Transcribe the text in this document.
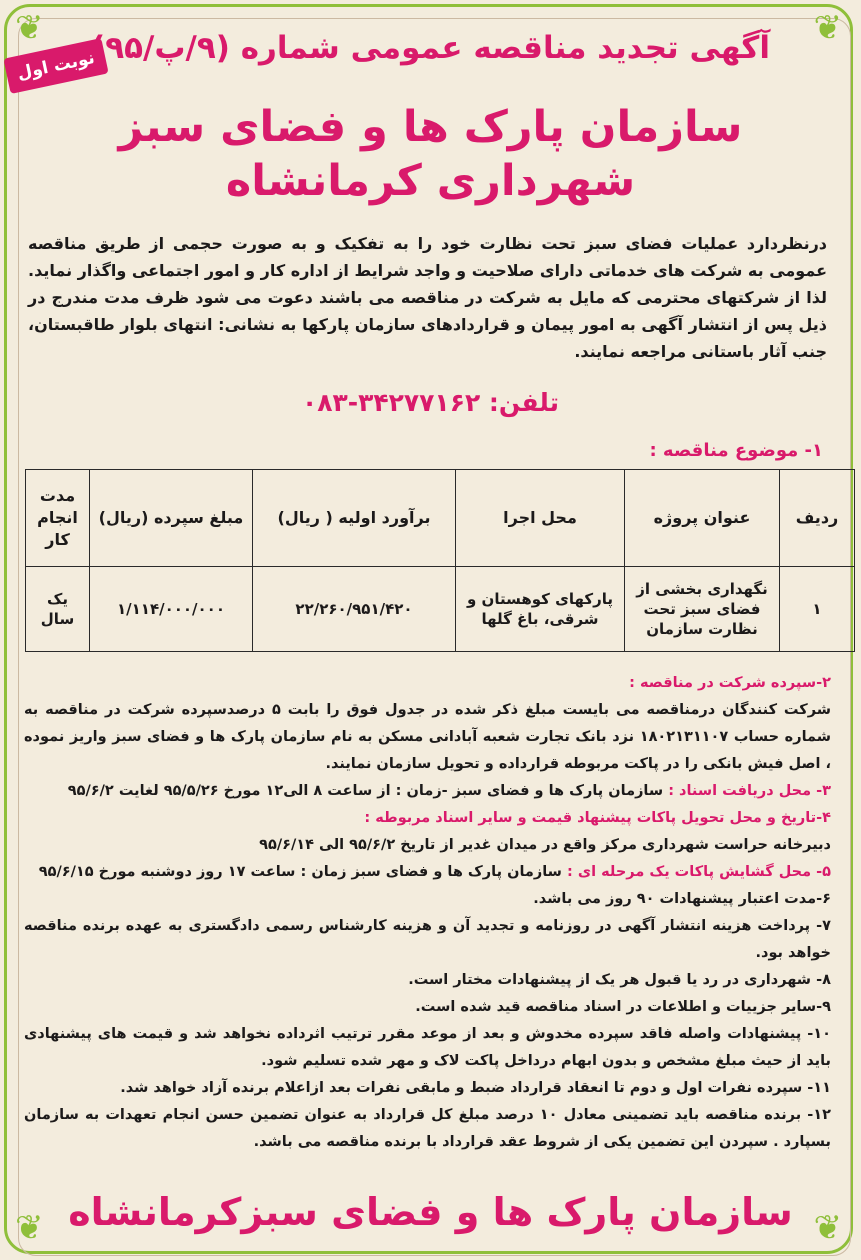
❦	❦
❦	❦
نوبت اول
آگهی تجدید مناقصه عمومی شماره (۹/پ/۹۵)
سازمان پارک ها و فضای سبز شهرداری کرمانشاه
درنظردارد عملیات فضای سبز تحت نظارت خود را به تفکیک و به صورت حجمی از طریق مناقصه عمومی به شرکت های خدماتی دارای صلاحیت و واجد شرایط از اداره کار و امور اجتماعی واگذار نماید. لذا از شرکتهای محترمی که مایل به شرکت در مناقصه می باشند دعوت می شود ظرف مدت مندرج در ذیل پس از انتشار آگهی به امور پیمان و قراردادهای سازمان پارکها به نشانی: انتهای بلوار طاقبستان، جنب آثار باستانی مراجعه نمایند.
تلفن: ۳۴۲۷۷۱۶۲-۰۸۳
۱- موضوع مناقصه :
ردیف	عنوان پروژه	محل اجرا	برآورد اولیه ( ریال)	مبلغ سپرده (ریال)	مدت انجام کار
۱	نگهداری بخشی از فضای سبز تحت نظارت سازمان	پارکهای کوهستان و شرقی، باغ گلها	۲۲/۲۶۰/۹۵۱/۴۲۰	۱/۱۱۴/۰۰۰/۰۰۰	یک سال

۲-سپرده شرکت در مناقصه :

شرکت کنندگان درمناقصه می بایست مبلغ ذکر شده در جدول فوق را بابت ۵ درصدسپرده شرکت در مناقصه به شماره حساب ۱۸۰۲۱۳۱۱۰۷ نزد بانک تجارت شعبه آبادانی مسکن به نام سازمان پارک ها و فضای سبز واریز نموده ، اصل فیش بانکی را در پاکت مربوطه قرارداده و تحویل سازمان نمایند.

۳- محل دریافت اسناد : سازمان پارک ها و فضای سبز -زمان : از ساعت ۸ الی۱۲ مورخ ۹۵/۵/۲۶ لغایت ۹۵/۶/۲

۴-تاریخ و محل تحویل پاکات پیشنهاد قیمت و سایر اسناد مربوطه :

دبیرخانه حراست شهرداری مرکز واقع در میدان غدیر از تاریخ ۹۵/۶/۲ الی ۹۵/۶/۱۴

۵- محل گشایش پاکات یک مرحله ای : سازمان پارک ها و فضای سبز زمان : ساعت ۱۷ روز دوشنبه مورخ ۹۵/۶/۱۵

۶-مدت اعتبار پیشنهادات ۹۰ روز می باشد.

۷- پرداخت هزینه انتشار آگهی در روزنامه و تجدید آن و هزینه کارشناس رسمی دادگستری به عهده برنده مناقصه خواهد بود.

۸- شهرداری در رد یا قبول هر یک از پیشنهادات مختار است.

۹-سایر جزییات و اطلاعات در اسناد مناقصه قید شده است.

۱۰- پیشنهادات واصله فاقد سپرده مخدوش و بعد از موعد مقرر ترتیب اثرداده نخواهد شد و قیمت های پیشنهادی باید از حیث مبلغ مشخص و بدون ابهام درداخل پاکت لاک و مهر شده تسلیم شود.

۱۱- سپرده نفرات اول و دوم تا انعقاد قرارداد ضبط و مابقی نفرات بعد ازاعلام برنده آزاد خواهد شد.

۱۲- برنده مناقصه باید تضمینی معادل ۱۰ درصد مبلغ کل قرارداد به عنوان تضمین حسن انجام تعهدات به سازمان بسپارد . سپردن این تضمین یکی از شروط عقد قرارداد با برنده مناقصه می باشد.

سازمان پارک ها و فضای سبزکرمانشاه
